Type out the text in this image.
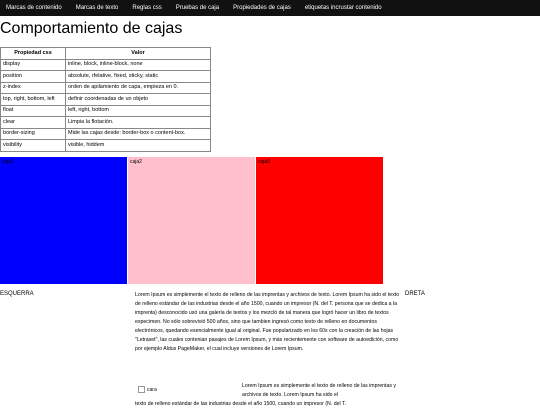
Marcas de contenido Marcas de texto Reglas css Pruebas de caja Propiedades de cajas etiquetas incrustar contenido
Comportamiento de cajas
Propiedad css	Valor
display	inline, block, inline-block, none
position	absolute, rfelative, fixed, sticky, static
z-index	orden de apilamiento de capa, empieza en 0.
top, right, bottom, left	definir coordenadas de un objeto
float	left, right, bottom
clear	Limpia la flotación.
border-sizing	Mide las cajas desde: border-box o content-box.
visibility	visible, hiddem
caja1	caja2	caja3
ESQUERRA	Lorem Ipsum es simplemente el texto de relleno de las imprentas y archivos de texto. Lorem Ipsum ha sido el texto de relleno estándar de las industrias desde el año 1500, cuando un impresor (N. del T. persona que se dedica a la imprenta) desconocido usó una galería de textos y los mezcló de tal manera que logró hacer un libro de textos especimen. No sólo sobrevivió 500 años, sino que tambien ingresó como texto de relleno en documentos electrónicos, quedando esencialmente igual al original. Fue popularizado en los 60s con la creación de las hojas "Letraset", las cuales contenian pasajes de Lorem Ipsum, y más recientemente con software de autoedición, como por ejemplo Aldus PageMaker, el cual incluye versiones de Lorem Ipsum.
DRETA
cara
Lorem Ipsum es simplemente el texto de relleno de las imprentas y archivos de texto. Lorem Ipsum ha sido el
texto de relleno estándar de las industrias desde el año 1500, cuando un impresor (N. del T.
